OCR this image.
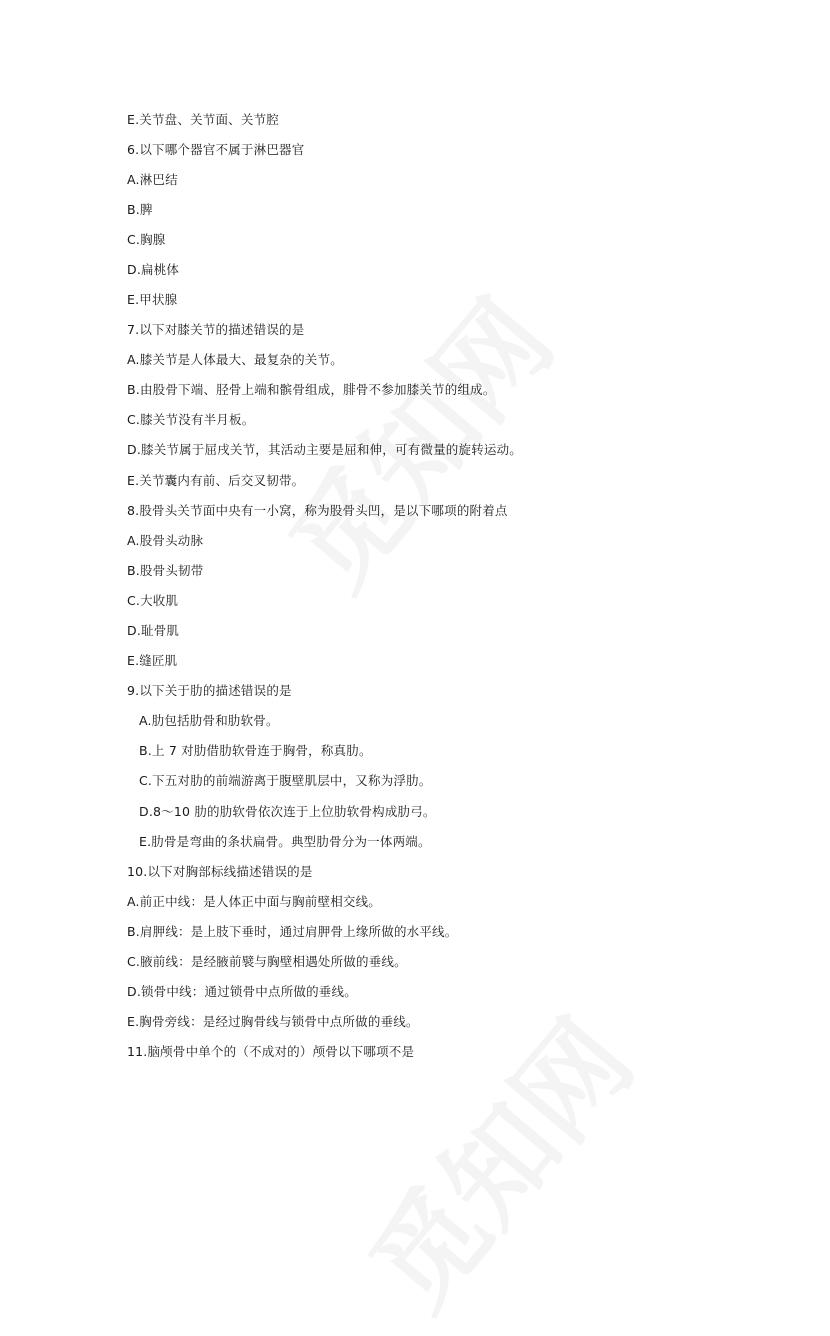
E.关节盘、关节面、关节腔
6.以下哪个器官不属于淋巴器官
A.淋巴结
B.脾
C.胸腺
D.扁桃体
E.甲状腺
7.以下对膝关节的描述错误的是
A.膝关节是人体最大、最复杂的关节。
B.由股骨下端、胫骨上端和髌骨组成，腓骨不参加膝关节的组成。
C.膝关节没有半月板。
D.膝关节属于屈戌关节，其活动主要是屈和伸，可有微量的旋转运动。
E.关节囊内有前、后交叉韧带。
8.股骨头关节面中央有一小窝，称为股骨头凹，是以下哪项的附着点
A.股骨头动脉
B.股骨头韧带
C.大收肌
D.耻骨肌
E.缝匠肌
9.以下关于肋的描述错误的是
A.肋包括肋骨和肋软骨。
B.上 7 对肋借肋软骨连于胸骨，称真肋。
C.下五对肋的前端游离于腹壁肌层中，又称为浮肋。
D.8～10 肋的肋软骨依次连于上位肋软骨构成肋弓。
E.肋骨是弯曲的条状扁骨。典型肋骨分为一体两端。
10.以下对胸部标线描述错误的是
A.前正中线：是人体正中面与胸前壁相交线。
B.肩胛线：是上肢下垂时，通过肩胛骨上缘所做的水平线。
C.腋前线：是经腋前襞与胸壁相遇处所做的垂线。
D.锁骨中线：通过锁骨中点所做的垂线。
E.胸骨旁线：是经过胸骨线与锁骨中点所做的垂线。
11.脑颅骨中单个的（不成对的）颅骨以下哪项不是
